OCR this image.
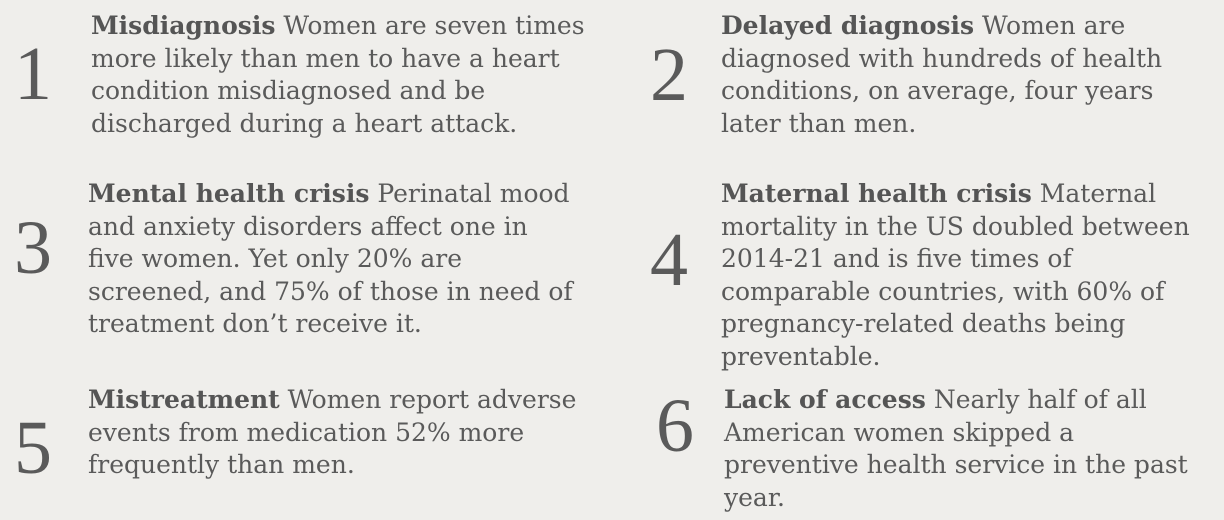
1

Misdiagnosis Women are seven times more likely than men to have a heart condition misdiagnosed and be discharged during a heart attack.

2

Delayed diagnosis Women are diagnosed with hundreds of health conditions, on average, four years later than men.

3

Mental health crisis Perinatal mood and anxiety disorders affect one in five women. Yet only 20% are screened, and 75% of those in need of treatment don’t receive it.

4

Maternal health crisis Maternal mortality in the US doubled between 2014-21 and is five times of comparable countries, with 60% of pregnancy-related deaths being preventable.

5

Mistreatment Women report adverse events from medication 52% more frequently than men.	6 Lack of access Nearly half of all American women skipped a preventive health service in the past year.
